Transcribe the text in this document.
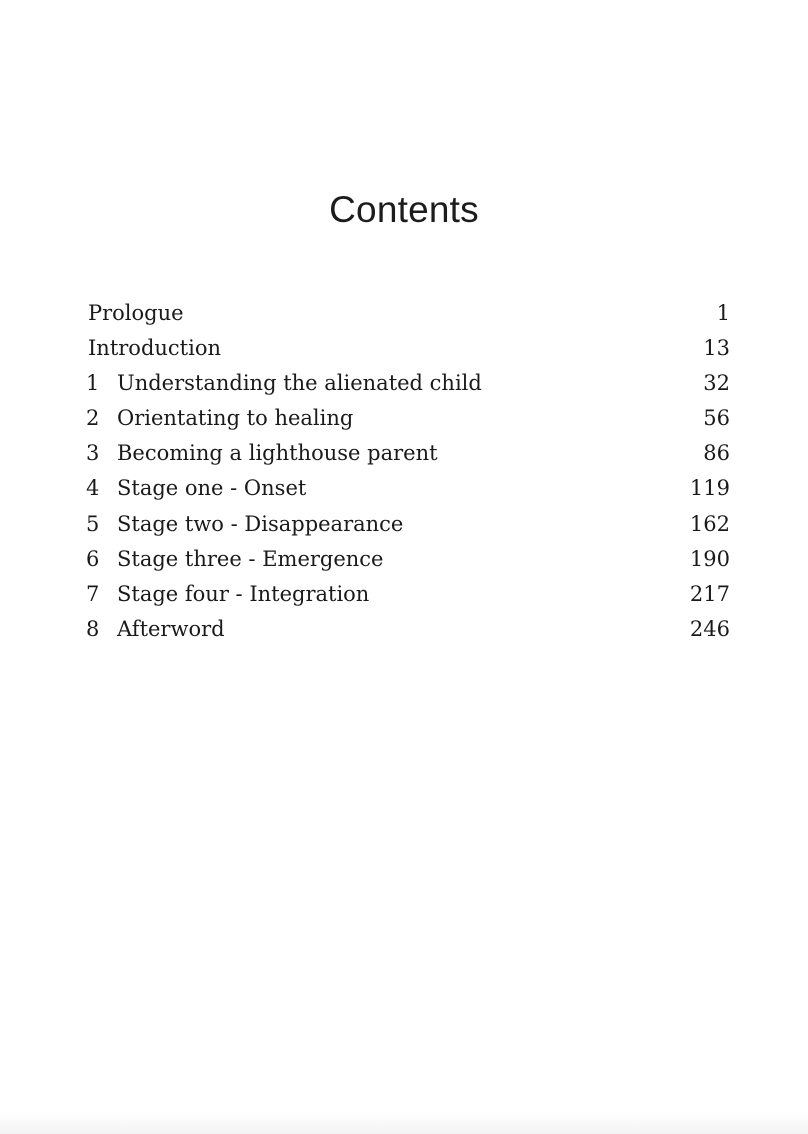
Contents
Prologue	1
Introduction	13
1 Understanding the alienated child	32
2 Orientating to healing	56
3 Becoming a lighthouse parent	86
4 Stage one - Onset	119
5 Stage two - Disappearance	162
6 Stage three - Emergence	190
7 Stage four - Integration	217
8 Afterword	246
